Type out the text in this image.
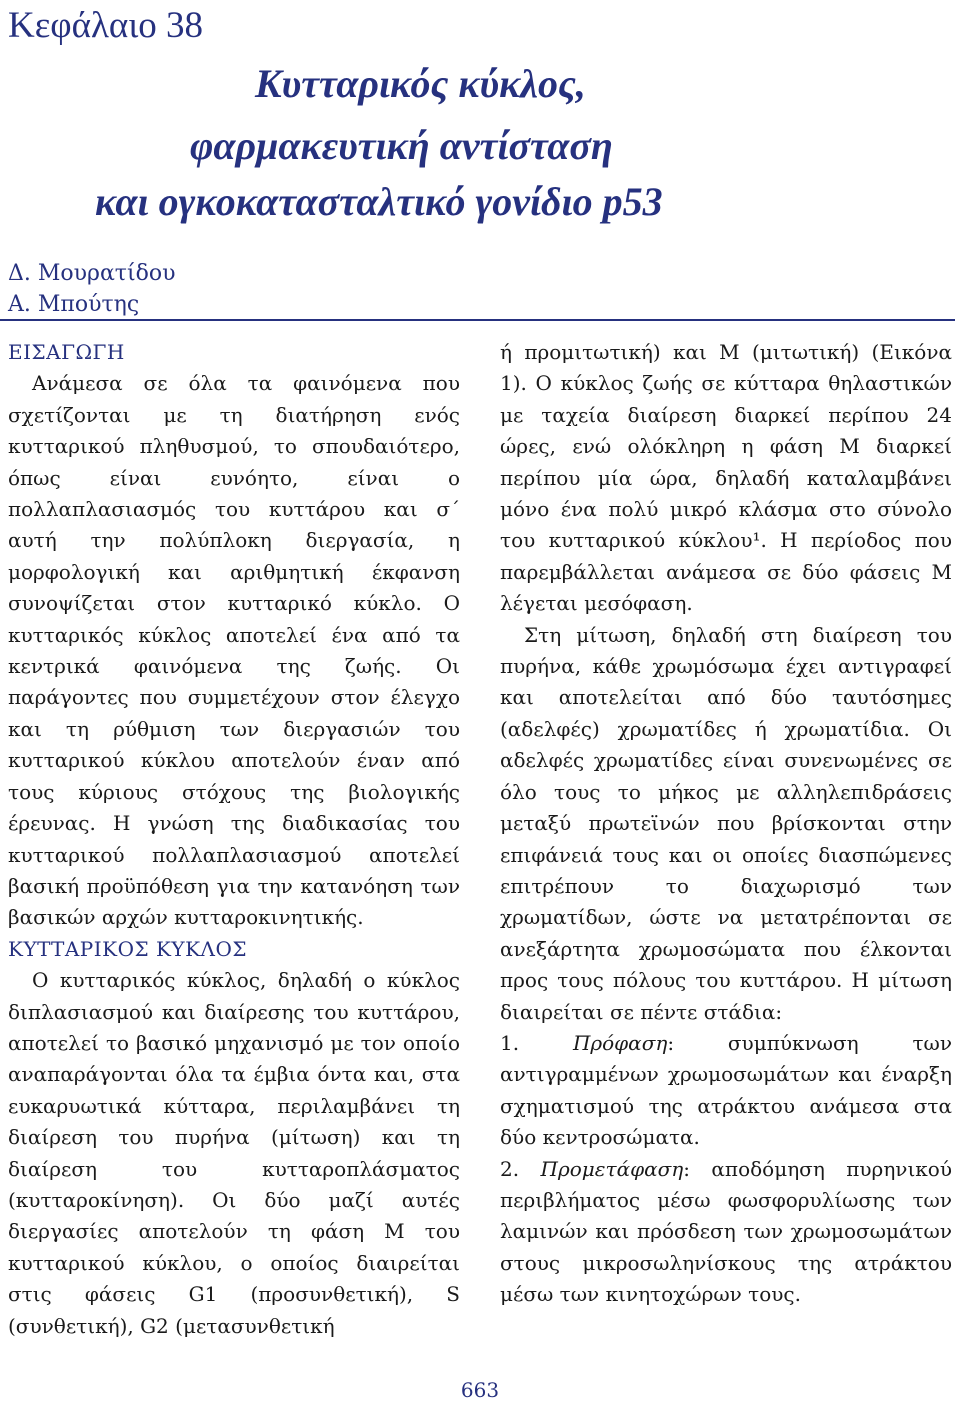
Κεφάλαιο 38
Κυτταρικός κύκλος,
φαρμακευτική αντίσταση
και ογκοκατασταλτικό γονίδιο p53
Δ. Μουρατίδου
Α. Μπούτης
ΕΙΣΑΓΩΓΗ

Ανάμεσα σε όλα τα φαινόμενα που σχετίζονται με τη διατήρηση ενός κυτταρικού πληθυσμού, το σπουδαιότερο, όπως είναι ευνόητο, είναι ο πολλαπλασιασμός του κυττάρου και σ΄ αυτή την πολύπλοκη διεργασία, η μορφολογική και αριθμητική έκφανση συνοψίζεται στον κυτταρικό κύκλο. Ο κυτταρικός κύκλος αποτελεί ένα από τα κεντρικά φαινόμενα της ζωής. Οι παράγοντες που συμμετέχουν στον έλεγχο και τη ρύθμιση των διεργασιών του κυτταρικού κύκλου αποτελούν έναν από τους κύριους στόχους της βιολογικής έρευνας. Η γνώση της διαδικασίας του κυτταρικού πολλαπλασιασμού αποτελεί βασική προϋπόθεση για την κατανόηση των βασικών αρχών κυτταροκινητικής.

ΚΥΤΤΑΡΙΚΟΣ ΚΥΚΛΟΣ

Ο κυτταρικός κύκλος, δηλαδή ο κύκλος διπλασιασμού και διαίρεσης του κυττάρου, αποτελεί το βασικό μηχανισμό με τον οποίο αναπαράγονται όλα τα έμβια όντα και, στα ευκαρυωτικά κύτταρα, περιλαμβάνει τη διαίρεση του πυρήνα (μίτωση) και τη διαίρεση του κυτταροπλάσματος (κυτταροκίνηση). Οι δύο μαζί αυτές διεργασίες αποτελούν τη φάση Μ του κυτταρικού κύκλου, ο οποίος διαιρείται στις φάσεις G1 (προσυνθετική), S (συνθετική), G2 (μετασυνθετική

ή προμιτωτική) και Μ (μιτωτική) (Εικόνα 1). Ο κύκλος ζωής σε κύτταρα θηλαστικών με ταχεία διαίρεση διαρκεί περίπου 24 ώρες, ενώ ολόκληρη η φάση Μ διαρκεί περίπου μία ώρα, δηλαδή καταλαμβάνει μόνο ένα πολύ μικρό κλάσμα στο σύνολο του κυτταρικού κύκλου¹. Η περίοδος που παρεμβάλλεται ανάμεσα σε δύο φάσεις Μ λέγεται μεσόφαση.

Στη μίτωση, δηλαδή στη διαίρεση του πυρήνα, κάθε χρωμόσωμα έχει αντιγραφεί και αποτελείται από δύο ταυτόσημες (αδελφές) χρωματίδες ή χρωματίδια. Οι αδελφές χρωματίδες είναι συνενωμένες σε όλο τους το μήκος με αλληλεπιδράσεις μεταξύ πρωτεϊνών που βρίσκονται στην επιφάνειά τους και οι οποίες διασπώμενες επιτρέπουν το διαχωρισμό των χρωματίδων, ώστε να μετατρέπονται σε ανεξάρτητα χρωμοσώματα που έλκονται προς τους πόλους του κυττάρου. Η μίτωση διαιρείται σε πέντε στάδια:

1.	Πρόφαση: συμπύκνωση των αντιγραμμένων χρωμοσωμάτων και έναρξη σχηματισμού της ατράκτου ανάμεσα στα δύο κεντροσώματα.

2. Προμετάφαση: αποδόμηση πυρηνικού περιβλήματος μέσω φωσφορυλίωσης των λαμινών και πρόσδεση των χρωμοσωμάτων στους μικροσωληνίσκους της ατράκτου μέσω των κινητοχώρων τους.

663
